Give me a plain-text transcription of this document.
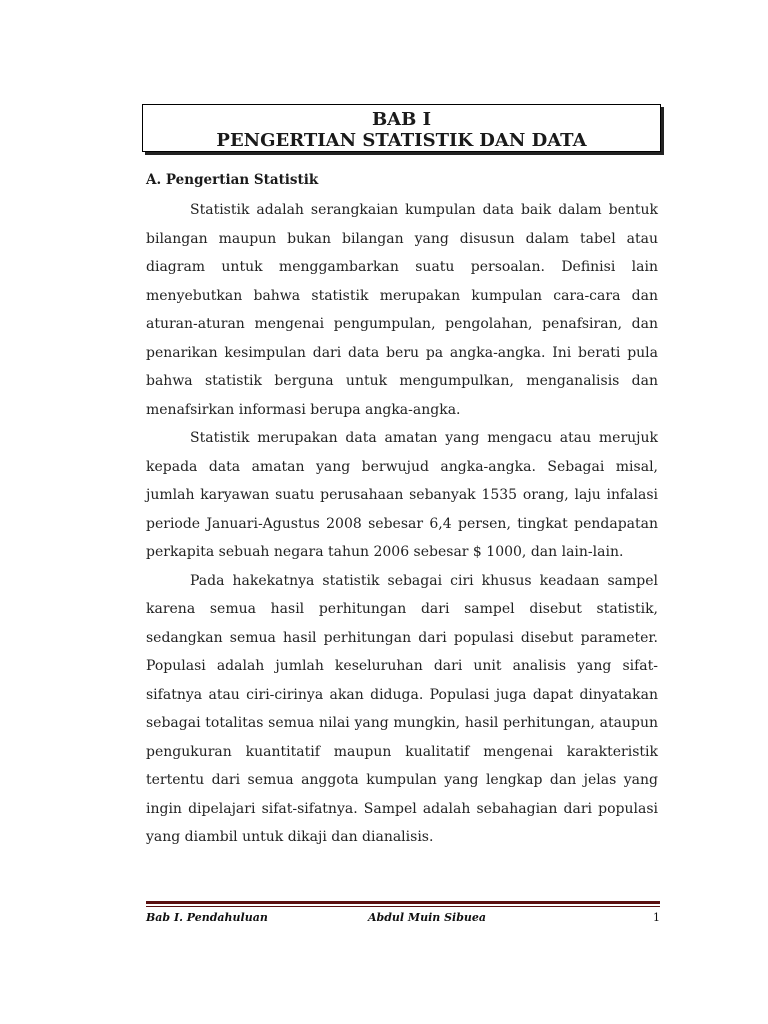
BAB I
PENGERTIAN STATISTIK DAN DATA
A. Pengertian Statistik

Statistik adalah serangkaian kumpulan data baik dalam bentuk bilangan maupun bukan bilangan yang disusun dalam tabel atau diagram untuk menggambarkan suatu persoalan. Definisi lain menyebutkan bahwa statistik merupakan kumpulan cara-cara dan aturan-aturan mengenai pengumpulan, pengolahan, penafsiran, dan penarikan kesimpulan dari data beru pa angka-angka. Ini berati pula bahwa statistik berguna untuk mengumpulkan, menganalisis dan menafsirkan informasi berupa angka-angka.

Statistik merupakan data amatan yang mengacu atau merujuk kepada data amatan yang berwujud angka-angka. Sebagai misal, jumlah karyawan suatu perusahaan sebanyak 1535 orang, laju infalasi periode Januari-Agustus 2008 sebesar 6,4 persen, tingkat pendapatan perkapita sebuah negara tahun 2006 sebesar $ 1000, dan lain-lain.

Pada hakekatnya statistik sebagai ciri khusus keadaan sampel karena semua hasil perhitungan dari sampel disebut statistik, sedangkan semua hasil perhitungan dari populasi disebut parameter. Populasi adalah jumlah keseluruhan dari unit analisis yang sifat-sifatnya atau ciri-cirinya akan diduga. Populasi juga dapat dinyatakan sebagai totalitas semua nilai yang mungkin, hasil perhitungan, ataupun pengukuran kuantitatif maupun kualitatif mengenai karakteristik tertentu dari semua anggota kumpulan yang lengkap dan jelas yang ingin dipelajari sifat-sifatnya. Sampel adalah sebahagian dari populasi yang diambil untuk dikaji dan dianalisis.

Bab I. Pendahuluan	Abdul Muin Sibuea	1
